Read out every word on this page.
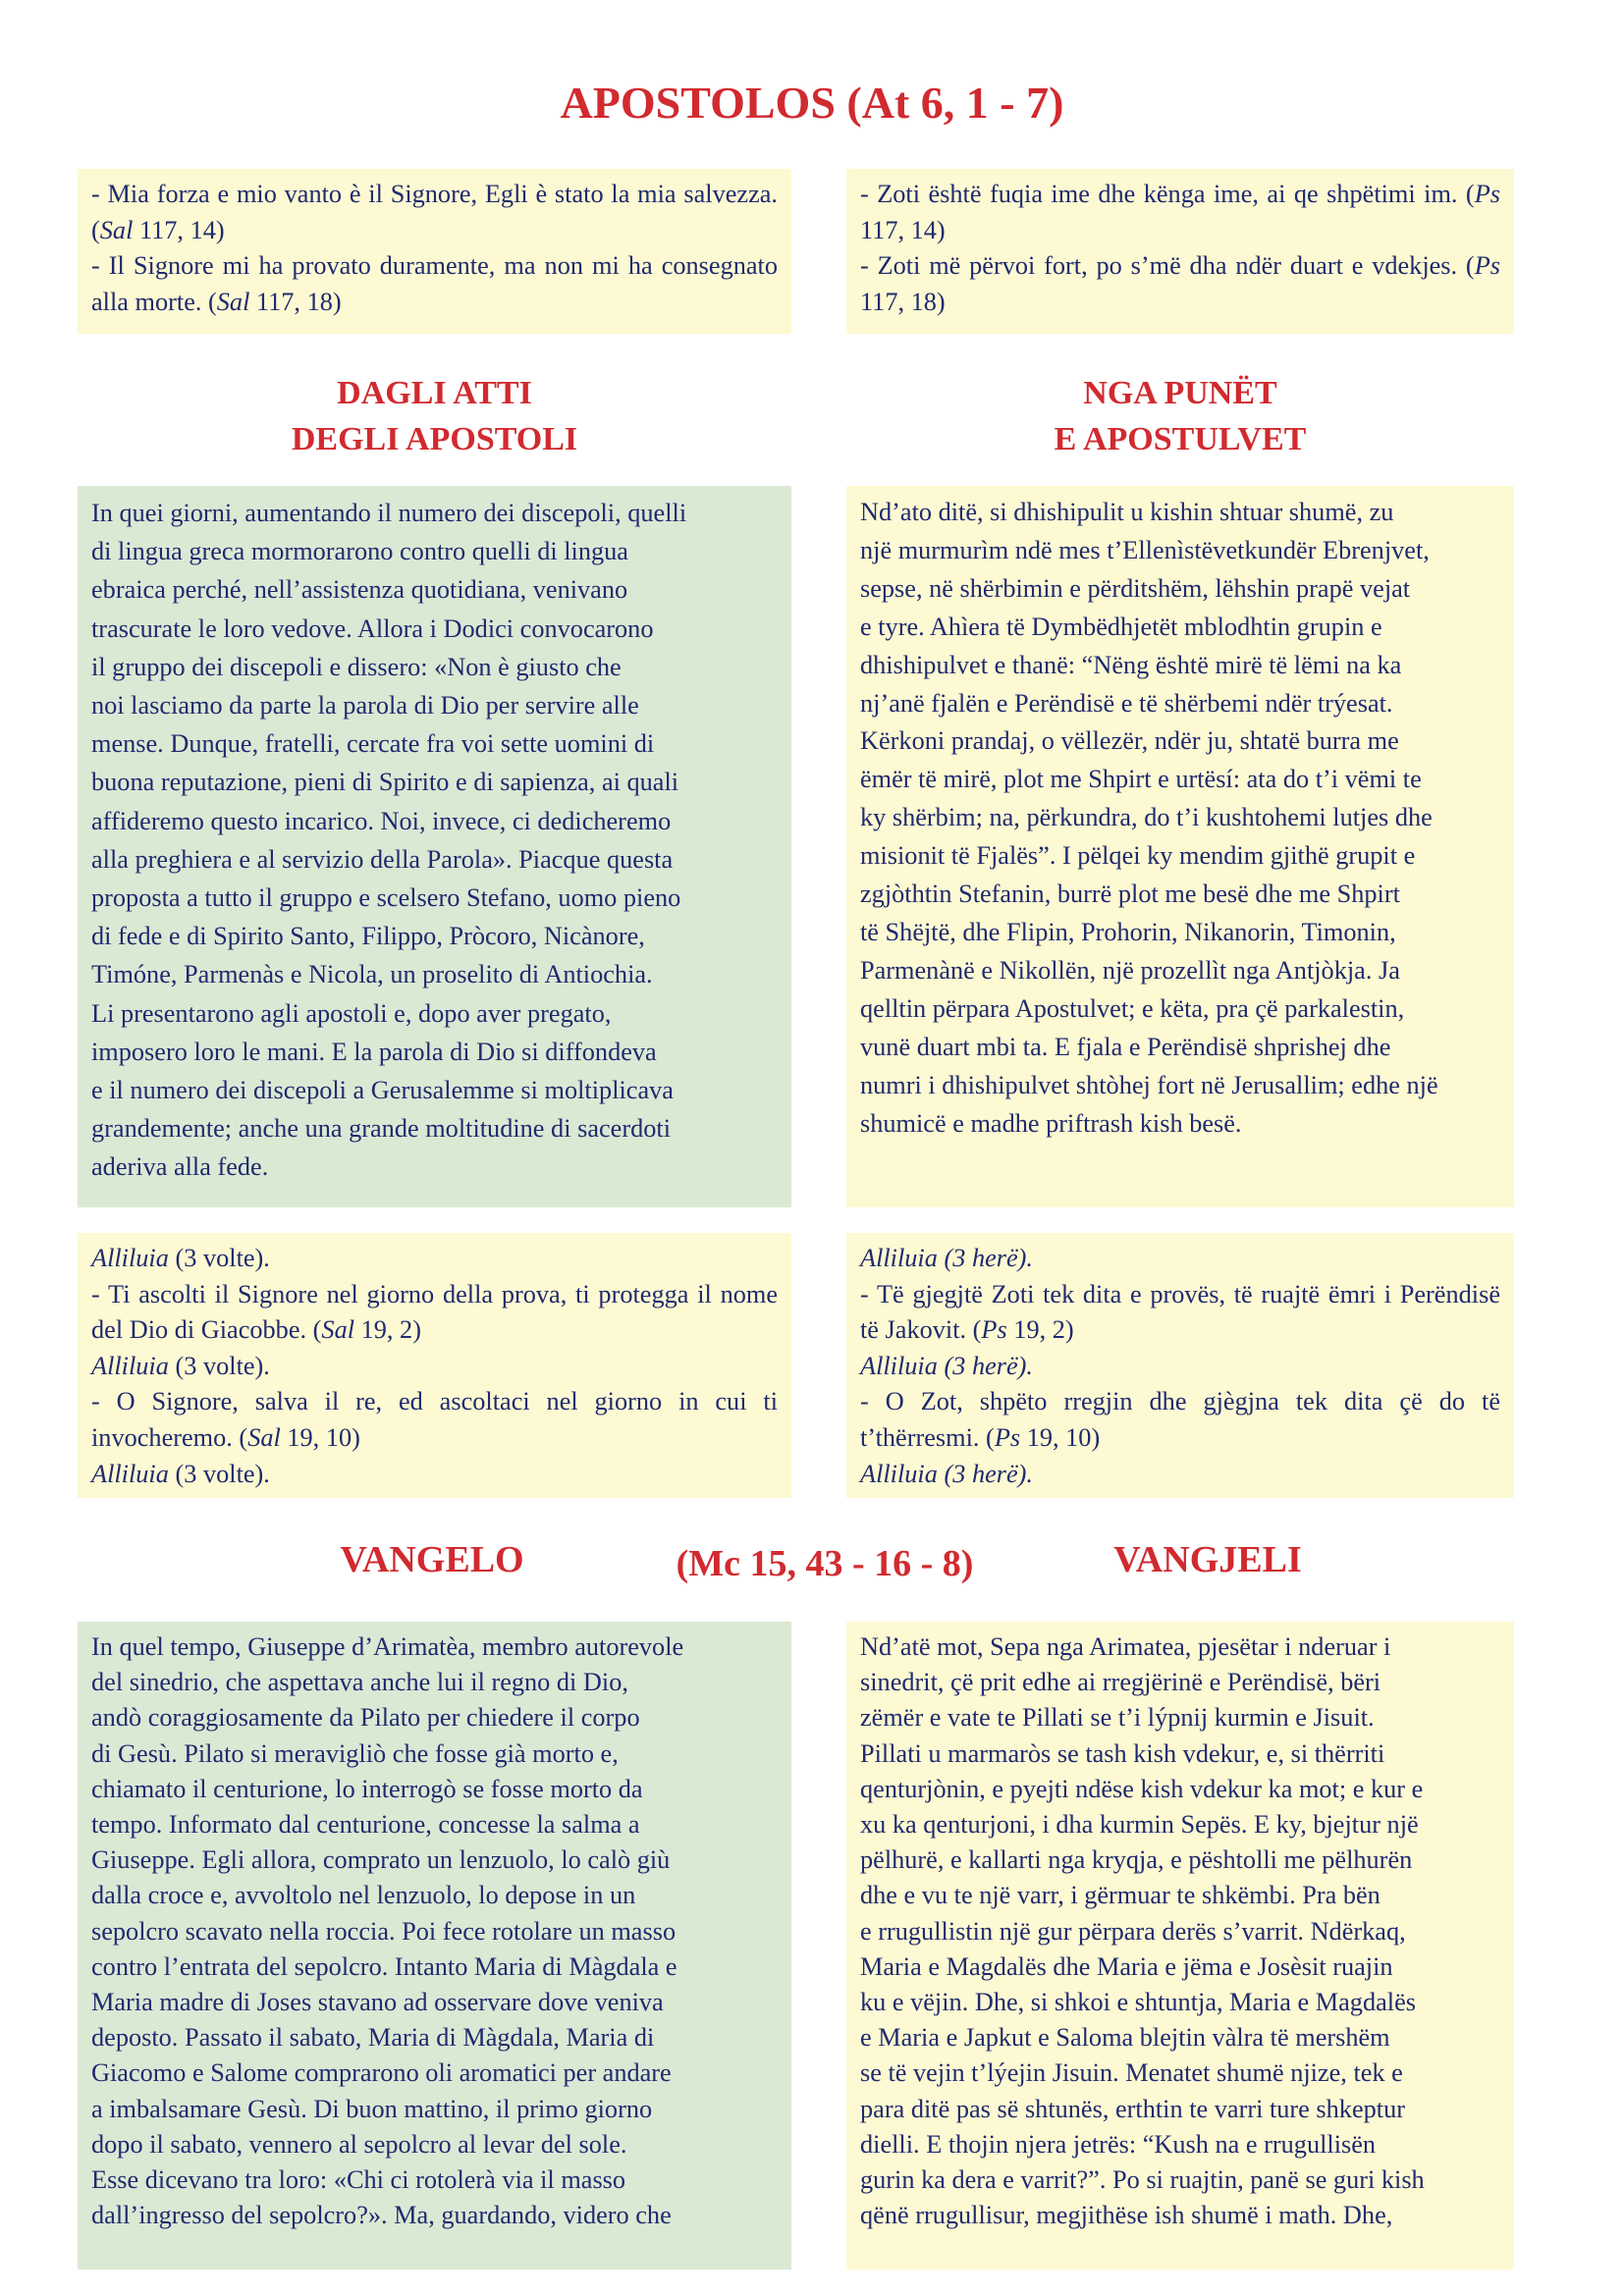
APOSTOLOS (At 6, 1 - 7)
- Mia forza e mio vanto è il Signore, Egli è stato la mia salvezza. (Sal 117, 14)
- Il Signore mi ha provato duramente, ma non mi ha consegnato alla morte. (Sal 117, 18)
- Zoti është fuqia ime dhe kënga ime, ai qe shpëtimi im. (Ps 117, 14)
- Zoti më përvoi fort, po s’më dha ndër duart e vdekjes. (Ps 117, 18)
DAGLI ATTI
DEGLI APOSTOLI
NGA PUNËT
E APOSTULVET
In quei giorni, aumentando il numero dei discepoli, quelli
di lingua greca mormorarono contro quelli di lingua
ebraica perché, nell’assistenza quotidiana, venivano
trascurate le loro vedove. Allora i Dodici convocarono
il gruppo dei discepoli e dissero: «Non è giusto che
noi lasciamo da parte la parola di Dio per servire alle
mense. Dunque, fratelli, cercate fra voi sette uomini di
buona reputazione, pieni di Spirito e di sapienza, ai quali
affideremo questo incarico. Noi, invece, ci dedicheremo
alla preghiera e al servizio della Parola». Piacque questa
proposta a tutto il gruppo e scelsero Stefano, uomo pieno
di fede e di Spirito Santo, Filippo, Pròcoro, Nicànore,
Timóne, Parmenàs e Nicola, un proselito di Antiochia.
Li presentarono agli apostoli e, dopo aver pregato,
imposero loro le mani. E la parola di Dio si diffondeva
e il numero dei discepoli a Gerusalemme si moltiplicava
grandemente; anche una grande moltitudine di sacerdoti
aderiva alla fede.
Nd’ato ditë, si dhishipulit u kishin shtuar shumë, zu
një murmurìm ndë mes t’Ellenìstëvetkundër Ebrenjvet,
sepse, në shërbimin e përditshëm, lëhshin prapë vejat
e tyre. Ahìera të Dymbëdhjetët mblodhtin grupin e
dhishipulvet e thanë: “Nëng është mirë të lëmi na ka
nj’anë fjalën e Perëndisë e të shërbemi ndër trýesat.
Kërkoni prandaj, o vëllezër, ndër ju, shtatë burra me
ëmër të mirë, plot me Shpirt e urtësí: ata do t’i vëmi te
ky shërbim; na, përkundra, do t’i kushtohemi lutjes dhe
misionit të Fjalës”. I pëlqei ky mendim gjithë grupit e
zgjòthtin Stefanin, burrë plot me besë dhe me Shpirt
të Shëjtë, dhe Flipin, Prohorin, Nikanorin, Timonin,
Parmenànë e Nikollën, një prozellìt nga Antjòkja. Ja
qelltin përpara Apostulvet; e këta, pra çë parkalestin,
vunë duart mbi ta. E fjala e Perëndisë shprishej dhe
numri i dhishipulvet shtòhej fort në Jerusallim; edhe një
shumicë e madhe priftrash kish besë.
Alliluia (3 volte).
- Ti ascolti il Signore nel giorno della prova, ti protegga il nome del Dio di Giacobbe. (Sal 19, 2)
Alliluia (3 volte).
- O Signore, salva il re, ed ascoltaci nel giorno in cui ti invocheremo. (Sal 19, 10)
Alliluia (3 volte).
Alliluia (3 herë).
- Të gjegjtë Zoti tek dita e provës, të ruajtë ëmri i Perëndisë të Jakovit. (Ps 19, 2)
Alliluia (3 herë).
- O Zot, shpëto rregjin dhe gjègjna tek dita çë do të t’thërresmi. (Ps 19, 10)
Alliluia (3 herë).
VANGELO	(Mc 15, 43 - 16 - 8)	VANGJELI
In quel tempo, Giuseppe d’Arimatèa, membro autorevole
del sinedrio, che aspettava anche lui il regno di Dio,
andò coraggiosamente da Pilato per chiedere il corpo
di Gesù. Pilato si meravigliò che fosse già morto e,
chiamato il centurione, lo interrogò se fosse morto da
tempo. Informato dal centurione, concesse la salma a
Giuseppe. Egli allora, comprato un lenzuolo, lo calò giù
dalla croce e, avvoltolo nel lenzuolo, lo depose in un
sepolcro scavato nella roccia. Poi fece rotolare un masso
contro l’entrata del sepolcro. Intanto Maria di Màgdala e
Maria madre di Joses stavano ad osservare dove veniva
deposto. Passato il sabato, Maria di Màgdala, Maria di
Giacomo e Salome comprarono oli aromatici per andare
a imbalsamare Gesù. Di buon mattino, il primo giorno
dopo il sabato, vennero al sepolcro al levar del sole.
Esse dicevano tra loro: «Chi ci rotolerà via il masso
dall’ingresso del sepolcro?». Ma, guardando, videro che
Nd’atë mot, Sepa nga Arimatea, pjesëtar i nderuar i
sinedrit, çë prit edhe ai rregjërinë e Perëndisë, bëri
zëmër e vate te Pillati se t’i lýpnij kurmin e Jisuit.
Pillati u marmaròs se tash kish vdekur, e, si thërriti
qenturjònin, e pyejti ndëse kish vdekur ka mot; e kur e
xu ka qenturjoni, i dha kurmin Sepës. E ky, bjejtur një
pëlhurë, e kallarti nga kryqja, e pështolli me pëlhurën
dhe e vu te një varr, i gërmuar te shkëmbi. Pra bën
e rrugullistin një gur përpara derës s’varrit. Ndërkaq,
Maria e Magdalës dhe Maria e jëma e Josèsit ruajin
ku e vëjin. Dhe, si shkoi e shtuntja, Maria e Magdalës
e Maria e Japkut e Saloma blejtin vàlra të mershëm
se të vejin t’lýejin Jisuin. Menatet shumë njize, tek e
para ditë pas së shtunës, erthtin te varri ture shkeptur
dielli. E thojin njera jetrës: “Kush na e rrugullisën
gurin ka dera e varrit?”. Po si ruajtin, panë se guri kish
qënë rrugullisur, megjithëse ish shumë i math. Dhe,
